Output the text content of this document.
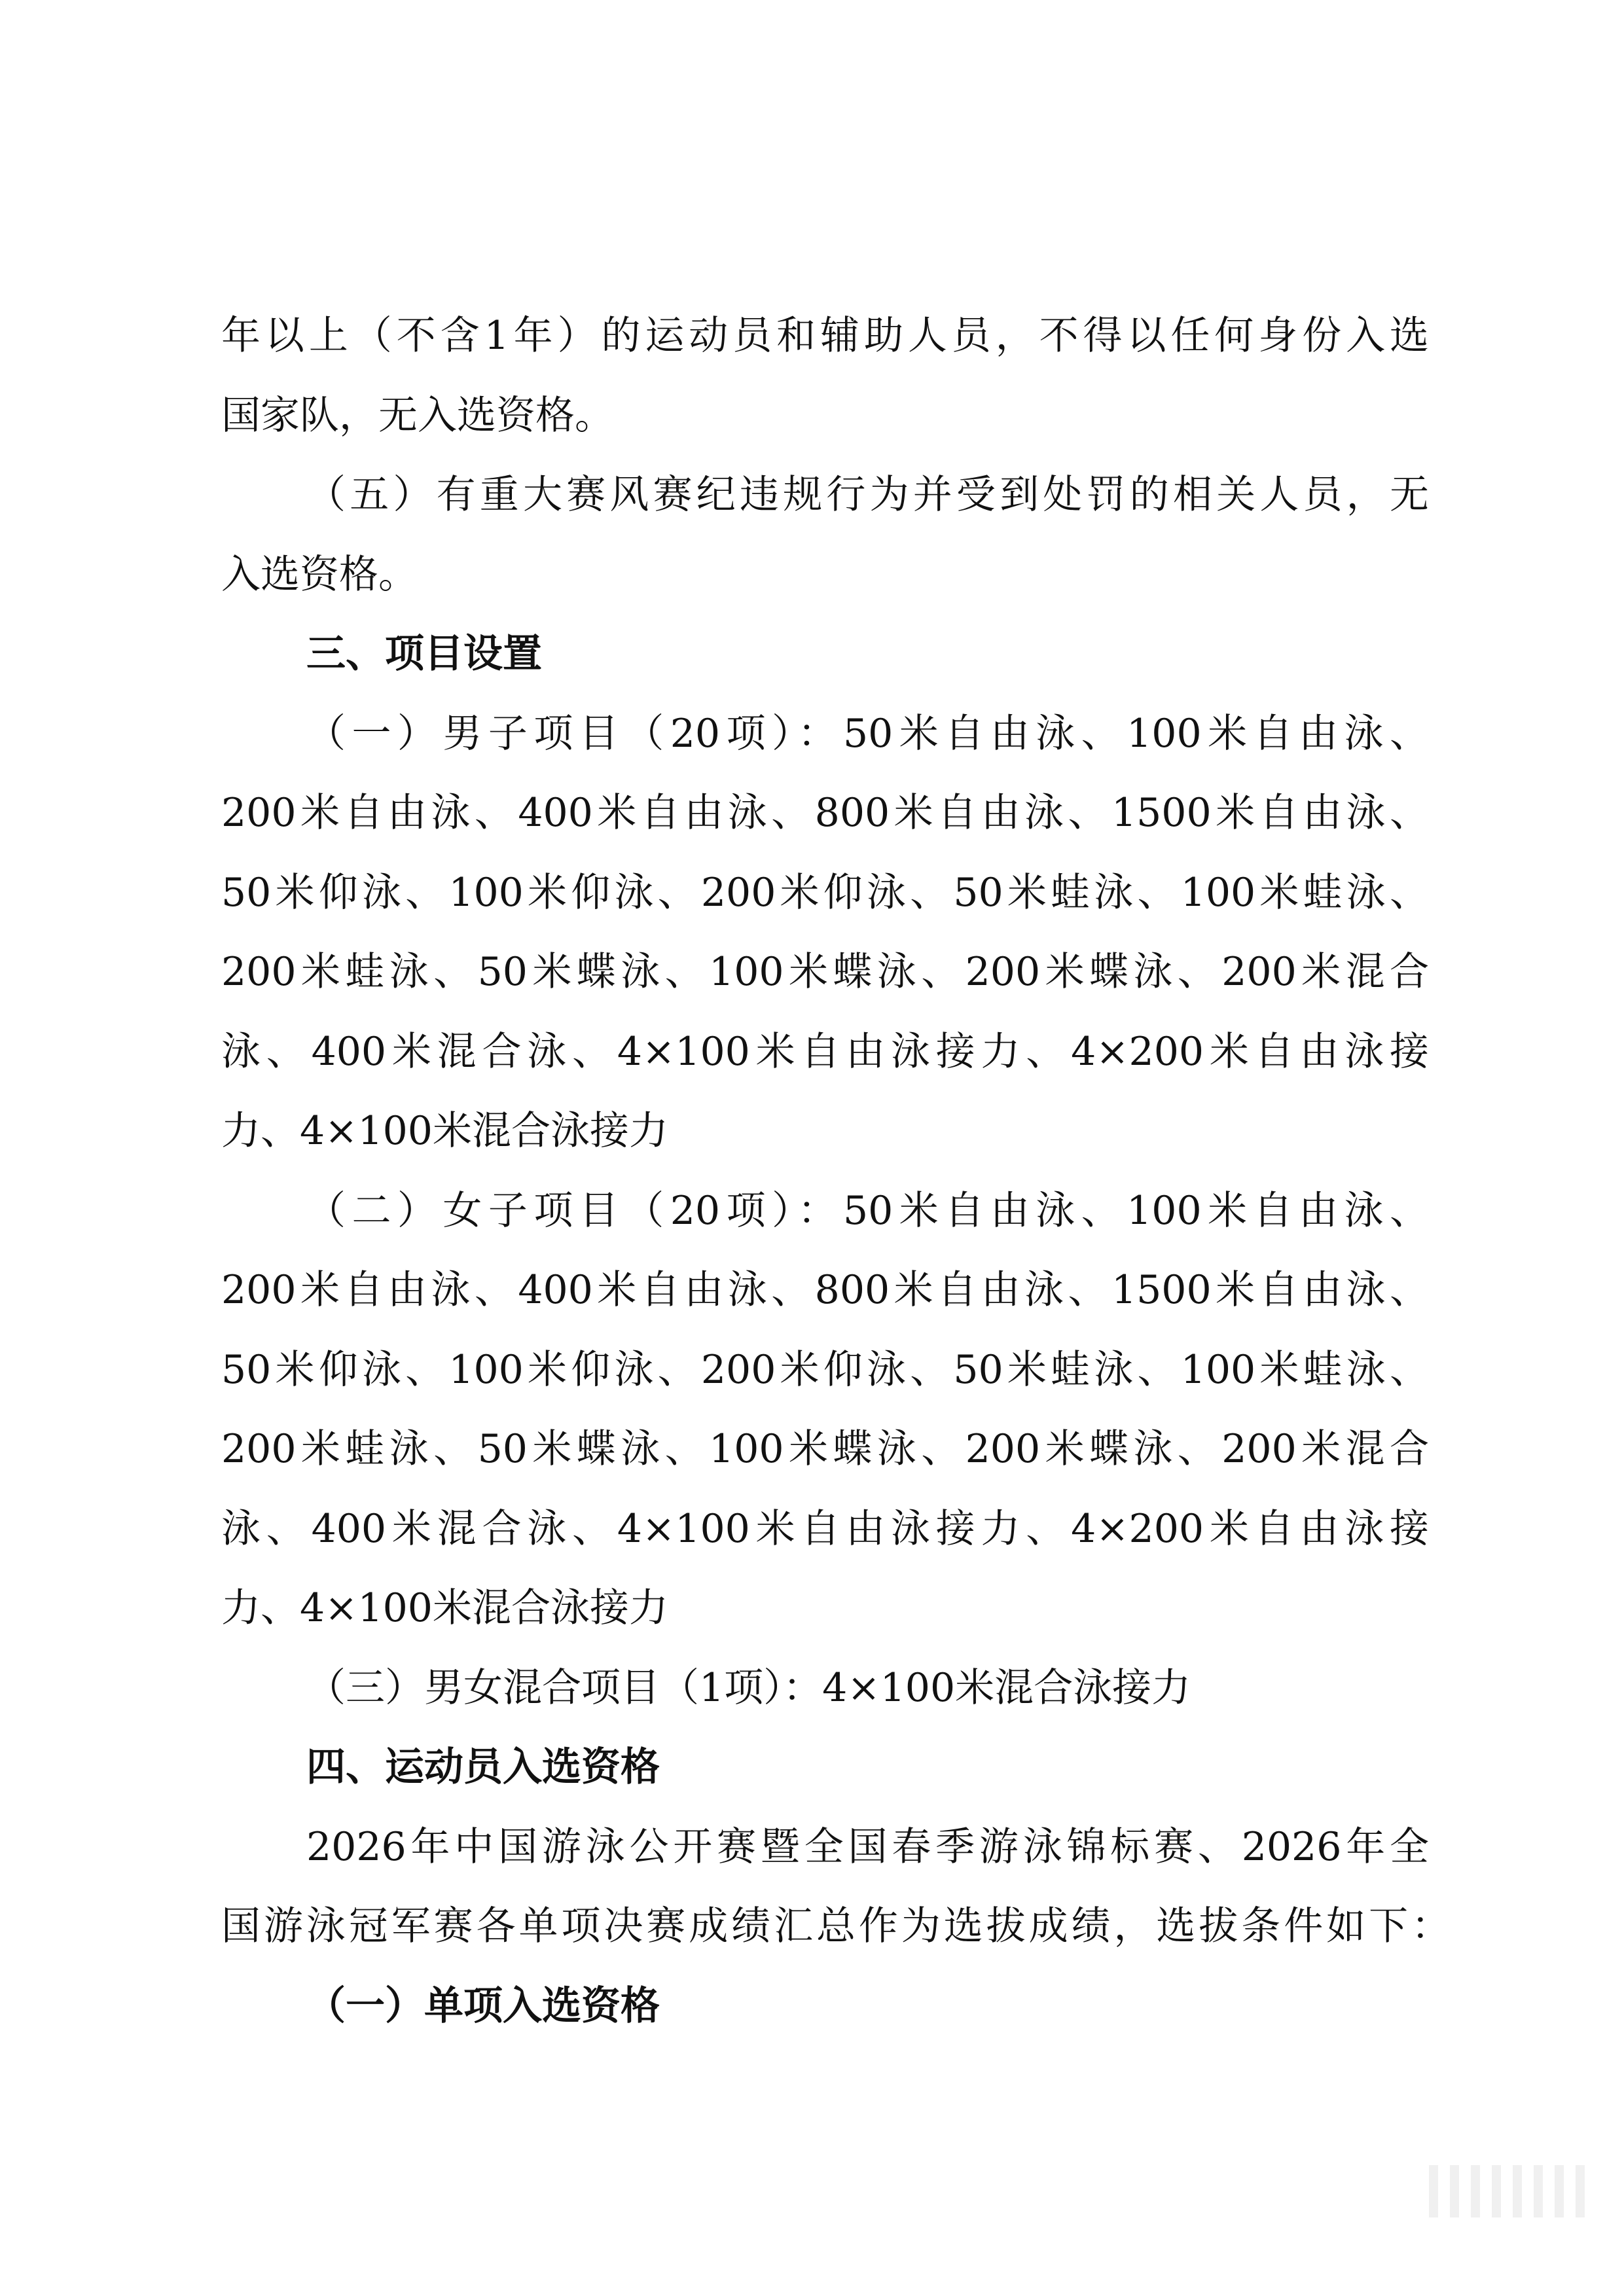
年以上（不含1年）的运动员和辅助人员，不得以任何身份入选
国家队，无入选资格。
（五）有重大赛风赛纪违规行为并受到处罚的相关人员，无
入选资格。
三、项目设置
（一）男子项目（20项）：50米自由泳、100米自由泳、
200米自由泳、400米自由泳、800米自由泳、1500米自由泳、
50米仰泳、100米仰泳、200米仰泳、50米蛙泳、100米蛙泳、
200米蛙泳、50米蝶泳、100米蝶泳、200米蝶泳、200米混合
泳、400米混合泳、4×100米自由泳接力、4×200米自由泳接
力、4×100米混合泳接力
（二）女子项目（20项）：50米自由泳、100米自由泳、
200米自由泳、400米自由泳、800米自由泳、1500米自由泳、
50米仰泳、100米仰泳、200米仰泳、50米蛙泳、100米蛙泳、
200米蛙泳、50米蝶泳、100米蝶泳、200米蝶泳、200米混合
泳、400米混合泳、4×100米自由泳接力、4×200米自由泳接
力、4×100米混合泳接力
（三）男女混合项目（1项）：4×100米混合泳接力
四、运动员入选资格
2026年中国游泳公开赛暨全国春季游泳锦标赛、2026年全
国游泳冠军赛各单项决赛成绩汇总作为选拔成绩，选拔条件如下：
（一）单项入选资格
